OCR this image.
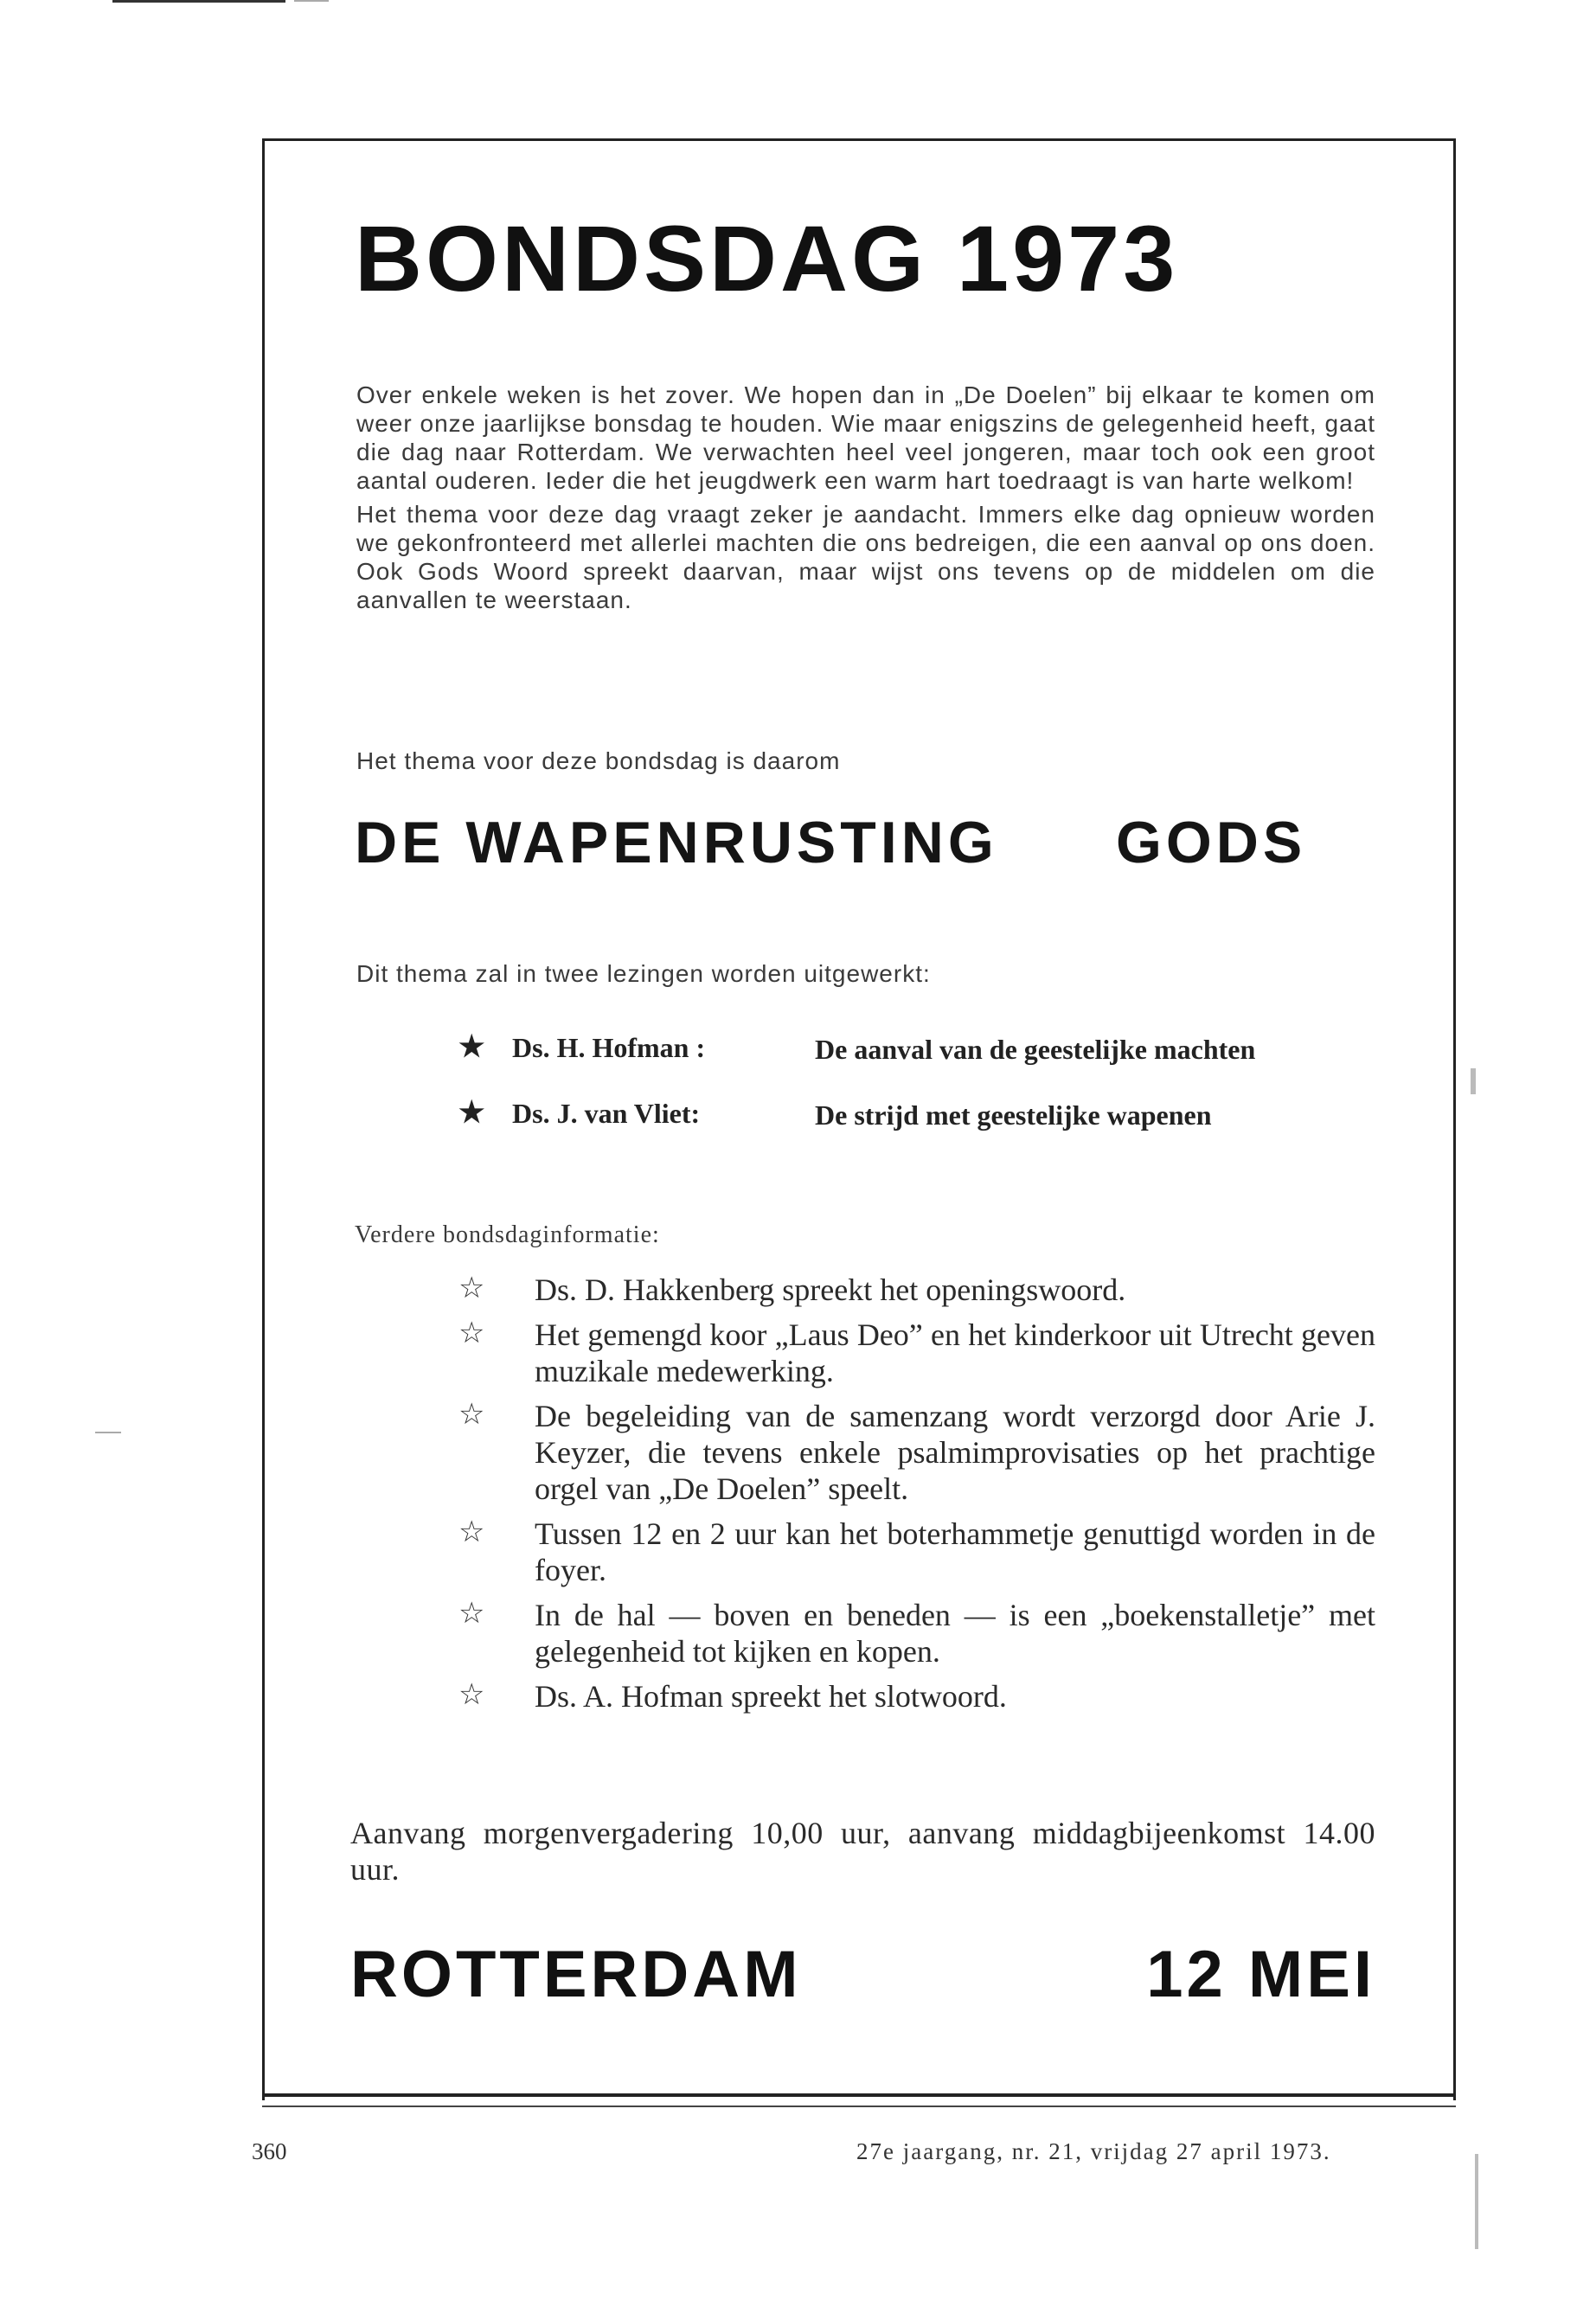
BONDSDAG 1973

Over enkele weken is het zover. We hopen dan in „De Doelen” bij elkaar te komen om weer onze jaarlijkse bonsdag te houden. Wie maar enigszins de gelegenheid heeft, gaat die dag naar Rotterdam. We verwachten heel veel jongeren, maar toch ook een groot aantal ouderen. Ieder die het jeugdwerk een warm hart toedraagt is van harte welkom!

Het thema voor deze dag vraagt zeker je aandacht. Immers elke dag opnieuw worden we gekonfronteerd met allerlei machten die ons bedreigen, die een aanval op ons doen. Ook Gods Woord spreekt daarvan, maar wijst ons tevens op de middelen om die aanvallen te weerstaan.

Het thema voor deze bondsdag is daarom
DE WAPENRUSTING GODS
Dit thema zal in twee lezingen worden uitgewerkt:
★ Ds. H. Hofman :	De aanval van de geestelijke machten
★ Ds. J. van Vliet:	De strijd met geestelijke wapenen
Verdere bondsdaginformatie:
☆	Ds. D. Hakkenberg spreekt het openingswoord.
☆	Het gemengd koor „Laus Deo” en het kinderkoor uit Utrecht geven muzikale medewerking.
☆	De begeleiding van de samenzang wordt verzorgd door Arie J. Keyzer, die tevens enkele psalmimprovisaties op het prachtige orgel van „De Doelen” speelt.
☆	Tussen 12 en 2 uur kan het boterhammetje genuttigd worden in de foyer.
☆	In de hal — boven en beneden — is een „boekenstalletje” met gelegenheid tot kijken en kopen.
☆	Ds. A. Hofman spreekt het slotwoord.
Aanvang morgenvergadering 10,00 uur, aanvang middagbijeenkomst 14.00 uur.
ROTTERDAM	12 MEI
360	27e jaargang, nr. 21, vrijdag 27 april 1973.
